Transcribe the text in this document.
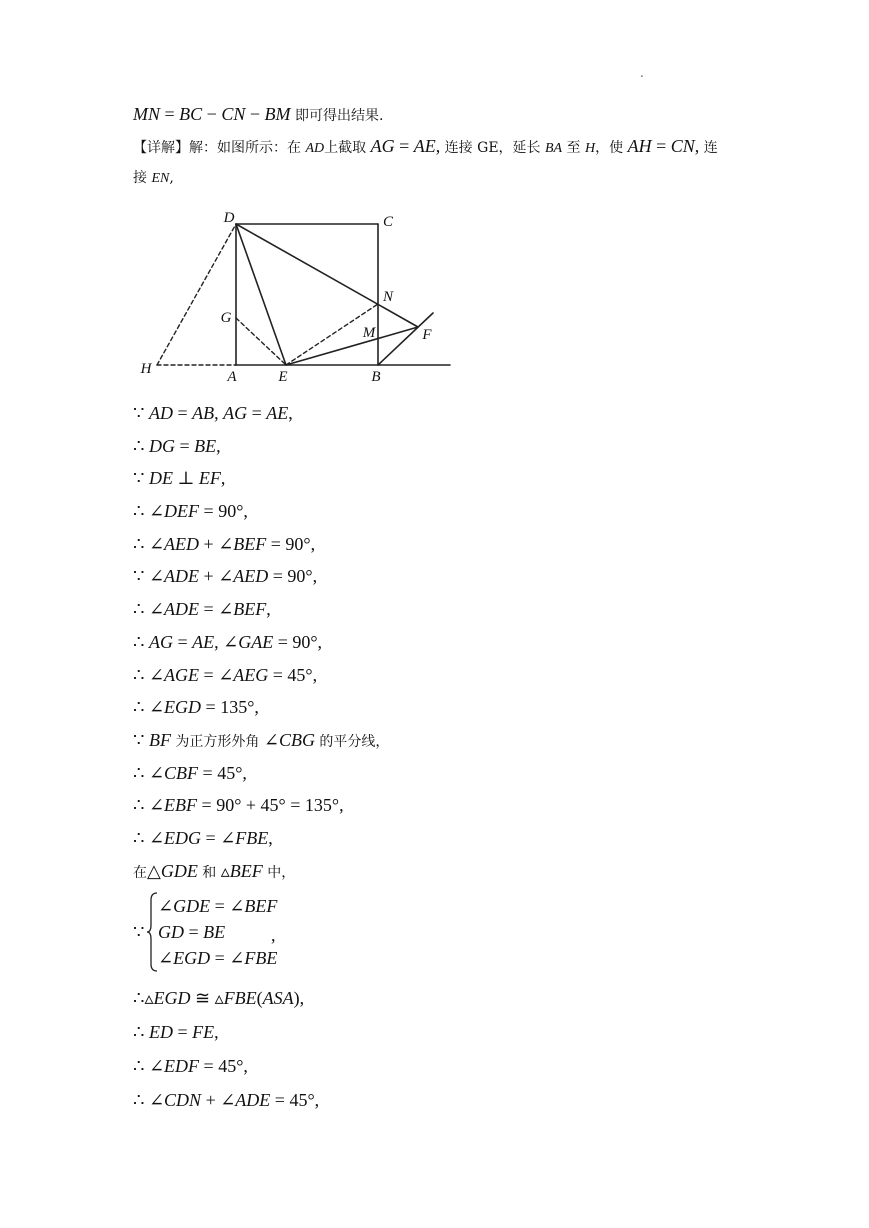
.
MN = BC − CN − BM 即可得出结果.
【详解】解：如图所示：在 AD上截取 AG = AE, 连接 GE，延长 BA 至 H，使 AH = CN, 连
接 EN,
D	C
N
G
M	F
H	A	E	B
∵ AD = AB, AG = AE,
∴ DG = BE,
∵ DE ⊥ EF,
∴ ∠DEF = 90°,
∴ ∠AED + ∠BEF = 90°,
∵ ∠ADE + ∠AED = 90°,
∴ ∠ADE = ∠BEF,
∴ AG = AE, ∠GAE = 90°,
∴ ∠AGE = ∠AEG = 45°,
∴ ∠EGD = 135°,
∵ BF 为正方形外角 ∠CBG 的平分线，
∴ ∠CBF = 45°,
∴ ∠EBF = 90° + 45° = 135°,
∴ ∠EDG = ∠FBE,
在△GDE 和 ▵BEF 中，
∵
∠GDE = ∠BEF
GD = BE
∠EGD = ∠FBE
,
∴▵EGD ≅ ▵FBE(ASA),
∴ ED = FE,
∴ ∠EDF = 45°,
∴ ∠CDN + ∠ADE = 45°,
